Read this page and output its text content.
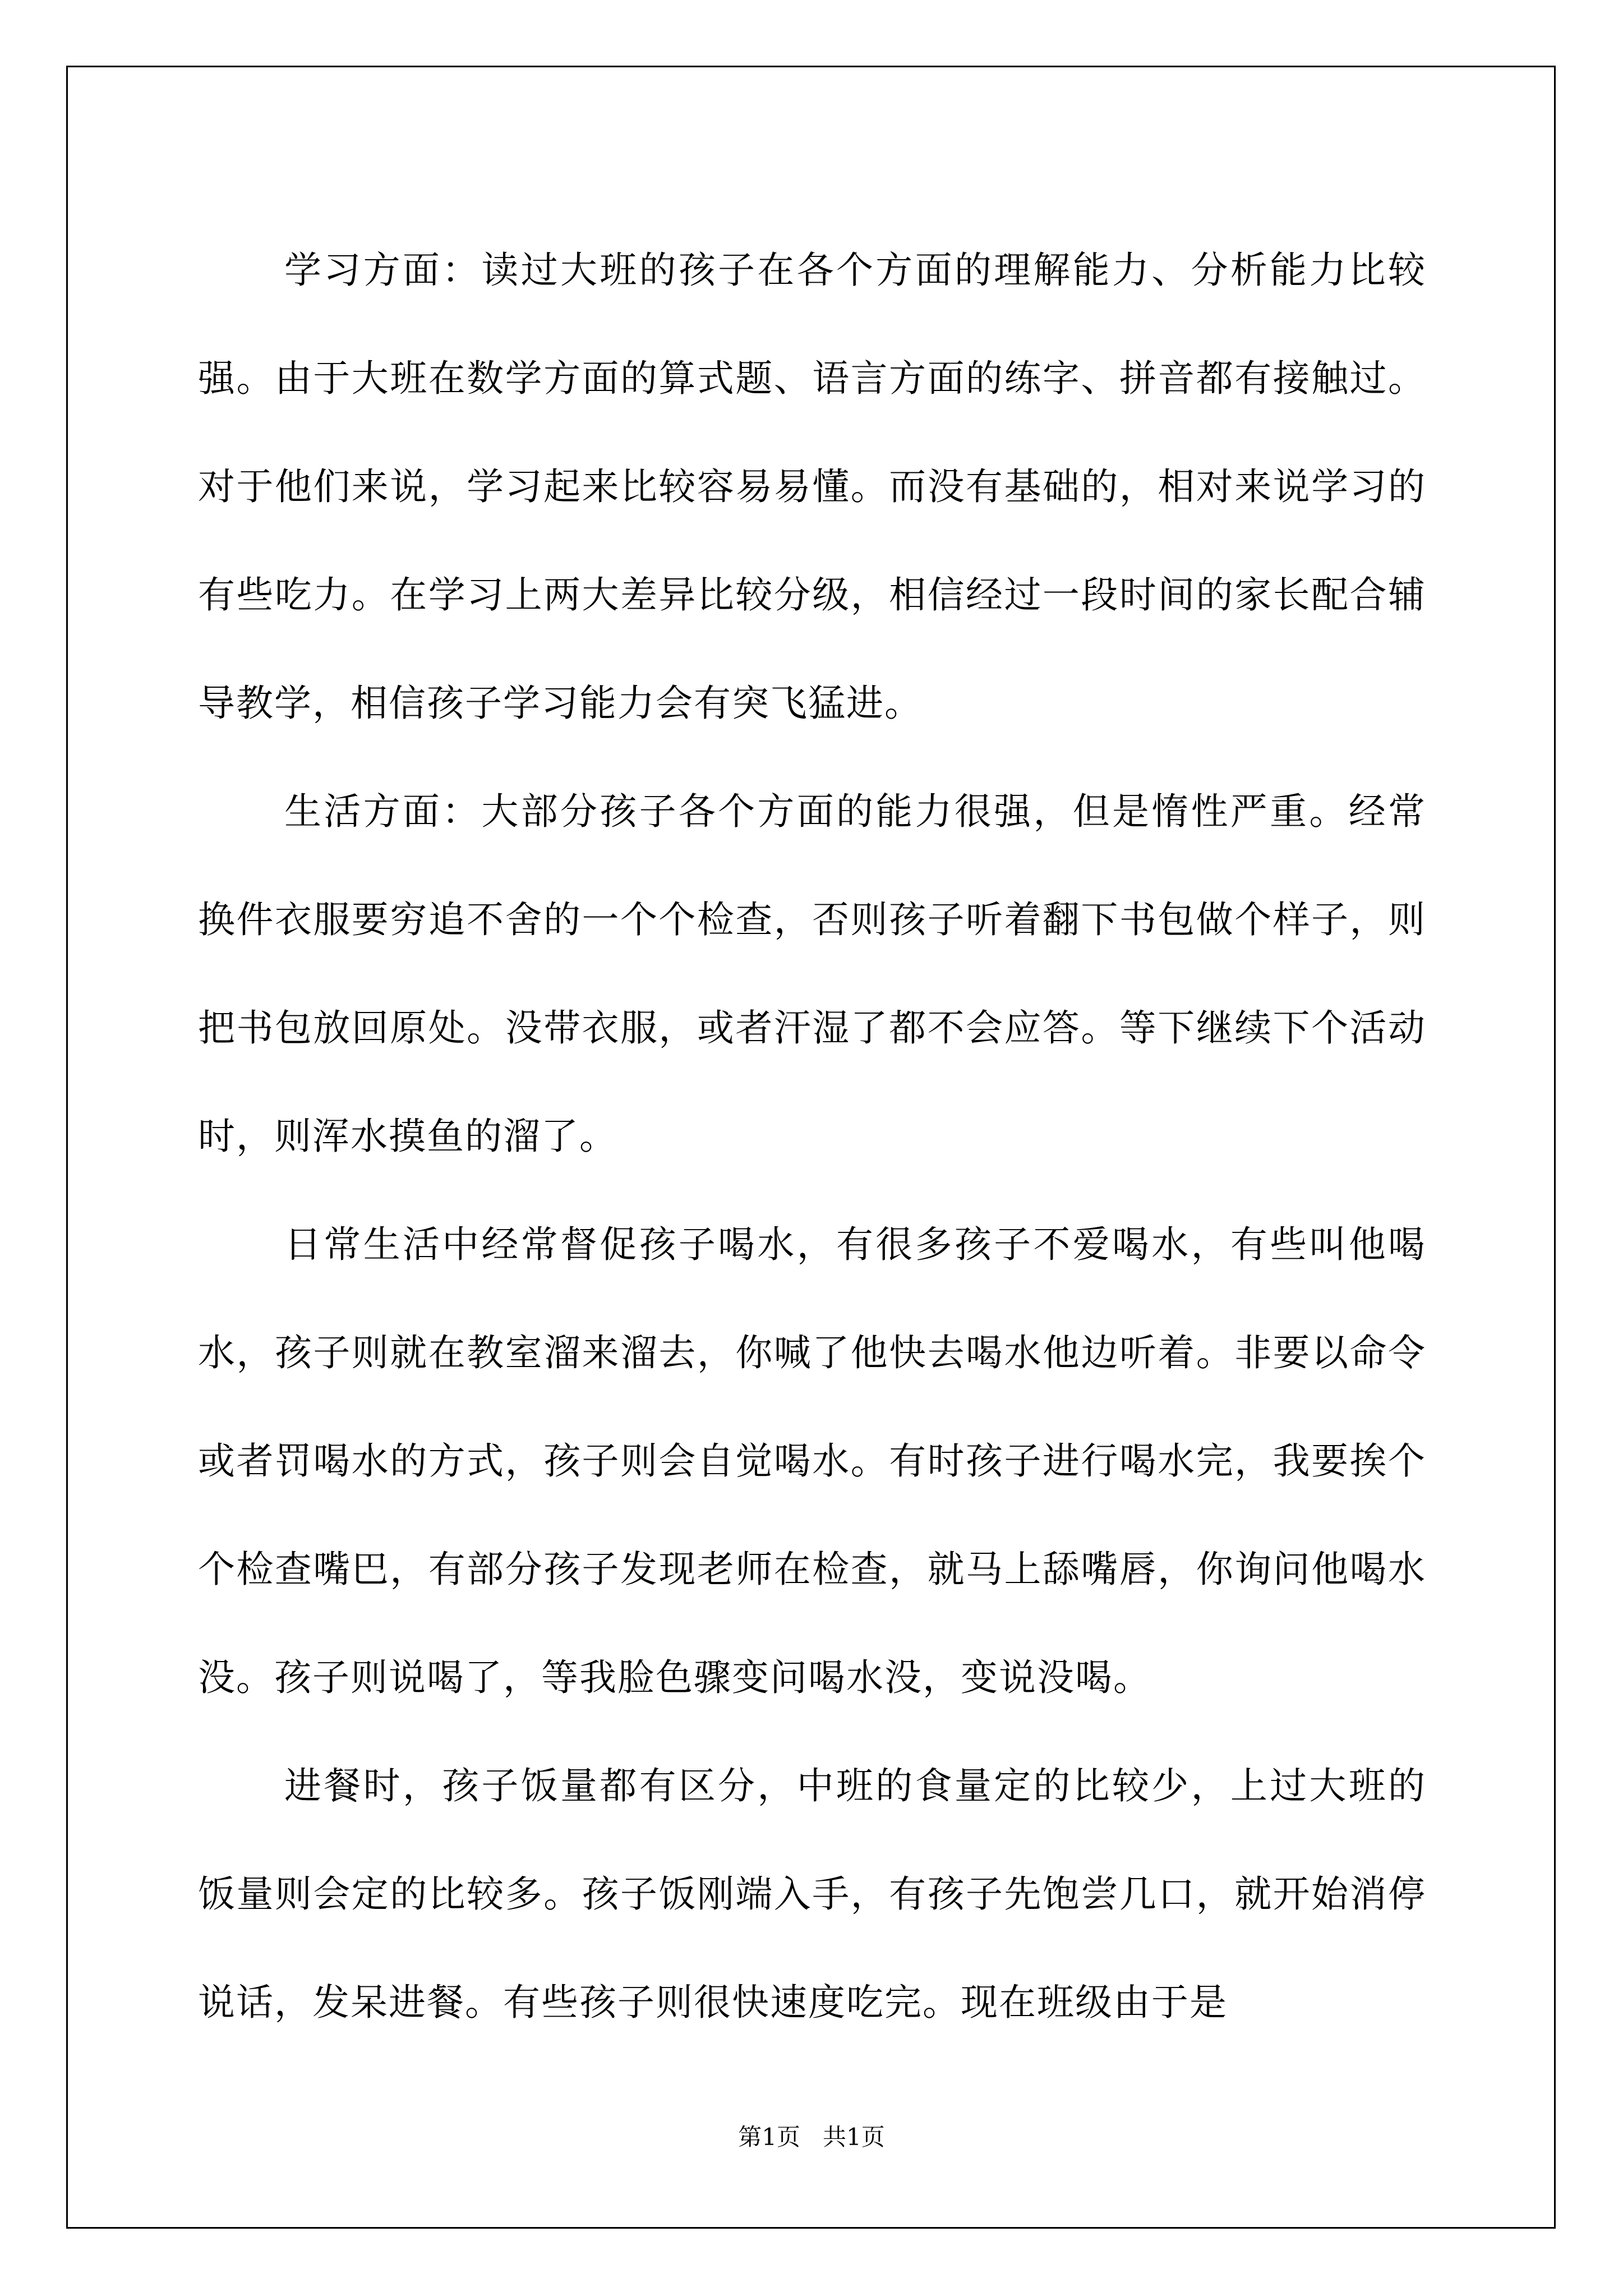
学习方面：读过大班的孩子在各个方面的理解能力、分析能力比较强。由于大班在数学方面的算式题、语言方面的练字、拼音都有接触过。对于他们来说，学习起来比较容易易懂。而没有基础的，相对来说学习的有些吃力。在学习上两大差异比较分级，相信经过一段时间的家长配合辅导教学，相信孩子学习能力会有突飞猛进。

生活方面：大部分孩子各个方面的能力很强，但是惰性严重。经常换件衣服要穷追不舍的一个个检查，否则孩子听着翻下书包做个样子，则把书包放回原处。没带衣服，或者汗湿了都不会应答。等下继续下个活动时，则浑水摸鱼的溜了。

日常生活中经常督促孩子喝水，有很多孩子不爱喝水，有些叫他喝水，孩子则就在教室溜来溜去，你喊了他快去喝水他边听着。非要以命令或者罚喝水的方式，孩子则会自觉喝水。有时孩子进行喝水完，我要挨个个检查嘴巴，有部分孩子发现老师在检查，就马上舔嘴唇，你询问他喝水没。孩子则说喝了，等我脸色骤变问喝水没，变说没喝。

进餐时，孩子饭量都有区分，中班的食量定的比较少，上过大班的饭量则会定的比较多。孩子饭刚端入手，有孩子先饱尝几口，就开始消停说话，发呆进餐。有些孩子则很快速度吃完。现在班级由于是

第1页 共1页
